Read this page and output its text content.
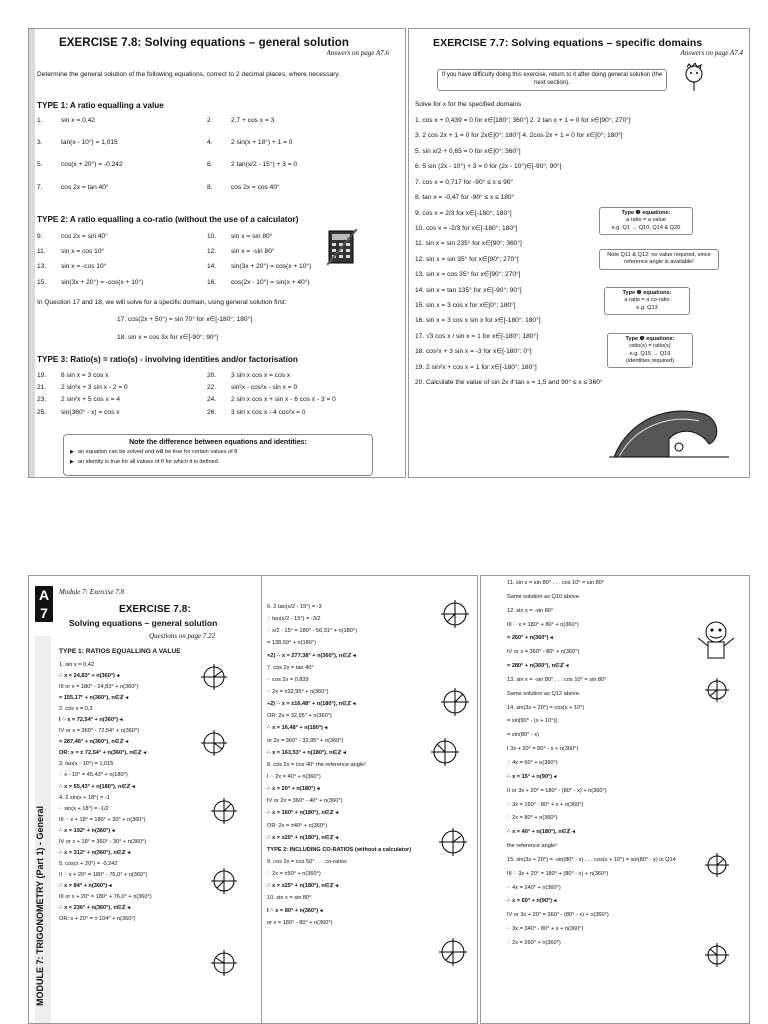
EXERCISE 7.8: Solving equations – general solution
Answers on page A7.6
Determine the general solution of the following equations, correct to 2 decimal places, where necessary.
TYPE 1: A ratio equalling a value
1.	sin x = 0,42	2.	2,7 + cos x = 3
3.	tan(x - 10°) = 1,015	4.	2 sin(x + 18°) + 1 = 0
5.	cos(x + 20°) = -0,242	6.	2 tan(x/2 - 15°) + 3 = 0
7.	cos 2x = tan 40°	8.	cos 2x = cos 40°
TYPE 2: A ratio equalling a co-ratio (without the use of a calculator)
9.	cos 2x = sin 40°	10. sin x = sin 80°
11. sin x = cos 10°	12. sin x = -sin 80°
13. sin x = -cos 10°	14. sin(3x + 20°) = cos(x + 10°)
15. sin(3x + 20°) = -cos(x + 10°)	16. cos(2x - 10°) = sin(x + 40°)
In Question 17 and 18, we will solve for a specific domain, using general solution first:
17. cos(2x + 50°) = sin 70° for x∈[-180°; 180°]
18. sin x = cos 3x for x∈[-90°; 90°]
TYPE 3: Ratio(s) = ratio(s) - involving identities and/or factorisation
19. 8 sin x = 3 cos x	20. 3 sin x cos x = cos x
21. 2 sin²x + 3 sin x - 2 = 0	22. sin²x - cos²x - sin x = 0
23. 2 sin²x + 5 cos x = 4	24. 2 sin x cos x + sin x - 6 cos x - 3 = 0
25. sin(360° - x) = cos x	26. 3 sin x cos x - 4 cos²x = 0
Note the difference between equations and identities:
▶ an equation can be solved and will be true for certain values of θ
▶ an identity is true for all values of θ for which it is defined.
EXERCISE 7.7: Solving equations – specific domains
Answers on page A7.4
If you have difficulty doing this exercise, return to it after doing general solution (the next section).
Solve for x for the specified domains
1. cos x + 0,439 = 0 for x∈[180°; 360°] 2. 2 tan x + 1 = 0 for x∈[90°; 270°]
3. 2 cos 2x + 1 = 0 for 2x∈[0°; 180°] 4. 2cos 2x + 1 = 0 for x∈[0°; 180°]
5. sin x/2 + 0,65 = 0 for x∈[0°; 360°]
6. 5 sin (2x - 10°) + 3 = 0 for (2x - 10°)∈[-90°; 90°]
7. cos x = 0,717 for -90° ≤ x ≤ 90°
8. tan x = -0,47 for -90° ≤ x ≤ 180°
9. cos x = 2/3 for x∈[-180°; 180°]
10. cos x = -2/3 for x∈[-180°; 180°]
11. sin x = sin 235° for x∈[90°; 360°]
12. sin x = sin 35° for x∈[90°; 270°]
13. sin x = cos 35° for x∈[90°; 270°]
14. sin x = tan 135° for x∈[-90°; 90°]
15. sin x = 3 cos x for x∈[0°; 180°]
16. sin x = 3 cos x sin x for x∈[-180°; 180°]
17. √3 cos x / sin x = 1 for x∈[-180°; 180°]
18. cos²x + 3 sin x = -3 for x∈[-180°; 0°]
19. 2 sin²x + cos x = 1 for x∈[-180°; 180°]
20. Calculate the value of sin 2x if tan x = 1,5 and 90° ≤ x ≤ 360°
Type ❶ equations:
a ratio = a value
e.g. Q1 → Q10, Q14 & Q20
Note Q11 & Q12: no value required, since reference angle is available!
Type ❷ equations:
a ratio = a co-ratio
e.g. Q13
Type ❸ equations:
ratio(s) = ratio(s)
e.g. Q15 → Q19
(identities required)
MODULE 7: TRIGONOMETRY (Part 1) - General
A
7
Module 7: Exercise 7.8
EXERCISE 7.8:
Solving equations – general solution
Questions on page 7.22
TYPE 1: RATIOS EQUALLING A VALUE
1. sin x = 0,42
∴ x = 24,83° + n(360°) ◂
III or x = 180° - 24,83° + n(360°)
= 155,17° + n(360°), n∈ℤ ◂
2. cos x = 0,3
I ∴ x = 72,54° + n(360°) ◂
IV or x = 360° - 72,54° + n(360°)
= 287,46° + n(360°), n∈ℤ ◂
OR: x = ± 72,54° + n(360°), n∈ℤ ◂
3. tan(x - 10°) = 1,015
∴ x - 10° = 45,43° + n(180°)
∴ x = 55,43° + n(180°), n∈ℤ ◂
4. 2 sin(x + 18°) = -1
∴ sin(x + 18°) = -1/2
III ∴ x + 18° = 180° + 30° + n(360°)
∴ x = 192° + n(360°) ◂
IV or x + 18° = 360° - 30° + n(360°)
∴ x = 312° + n(360°), n∈ℤ ◂
5. cos(x + 20°) = -0,242
II ∴ x + 20° = 180° - 76,0° + n(360°)
∴ x = 84° + n(360°) ◂
III or x + 20° = 180° + 76,0° + n(360°)
∴ x = 236° + n(360°), n∈ℤ ◂
OR: x + 20° = ± 104° + n(360°)
6. 2 tan(x/2 - 15°) = -3
∴ tan(x/2 - 15°) = -3/2
∴ x/2 - 15° = 180° - 56,31° + n(180°)
= 138,69° + n(180°)
×2) ∴ x = 277,38° + n(360°), n∈ℤ ◂
7. cos 2x = tan 40°
∴ cos 2x = 0,839
∴ 2x = ±32,95° + n(360°)
÷2) ∴ x = ±16,48° + n(180°), n∈ℤ ◂
OR: 2x = 32,95° + n(360°)
∴ x = 16,48° + n(180°) ◂
or 2x = 360° - 32,95° + n(360°)
∴ x = 163,53° + n(180°), n∈ℤ ◂
8. cos 2x = cos 40° the reference angle!
I ∴ 2x = 40° + n(360°)
∴ x = 20° + n(180°) ◂
IV or 2x = 360° - 40° + n(360°)
∴ x = 160° + n(180°), n∈ℤ ◂
OR: 2x = ±40° + n(360°)
∴ x = ±20° + n(180°), n∈ℤ ◂
TYPE 2: INCLUDING CO-RATIOS (without a calculator)
9. cos 2x = cos 50° . . . co-ratios
∴ 2x = ±50° + n(360°)
∴ x = ±25° + n(180°), n∈ℤ ◂
10. sin x = sin 80°
I ∴ x = 80° + n(360°) ◂
or x = 180° - 80° + n(360°)
11. sin x = sin 80° . . . cos 10° = sin 80°
Same solution as Q10 above.
12. sin x = -sin 80°
III ∴ x = 180° + 80° + n(360°)
= 260° + n(360°) ◂
IV or x = 360° - 80° + n(360°)
= 280° + n(360°), n∈ℤ ◂
13. sin x = -sin 80° . . . cos 10° = sin 80°
Same solution as Q12 above.
14. sin(3x + 20°) = cos(x + 10°)
= sin[90° - (x + 10°)]
= sin(80° - x)
I 3x + 20° = 80° - x + n(360°)
∴ 4x = 60° + n(360°)
∴ x = 15° + n(90°) ◂
II or 3x + 20° = 180° - (80° - x) + n(360°)
∴ 3x = 160° - 80° + x + n(360°)
∴ 2x = 80° + n(360°)
∴ x = 40° + n(180°), n∈ℤ ◂
the reference angle!
15. sin(3x + 20°) = -sin(80° - x) . . . cos(x + 10°) = sin(80° - x) in Q14
III ∴ 3x + 20° = 180° + (80° - x) + n(360°)
∴ 4x = 240° + n(360°)
∴ x = 60° + n(90°) ◂
IV or 3x + 20° = 360° - (80° - x) + n(360°)
∴ 3x = 340° - 80° + x + n(360°)
∴ 2x = 260° + n(360°)
